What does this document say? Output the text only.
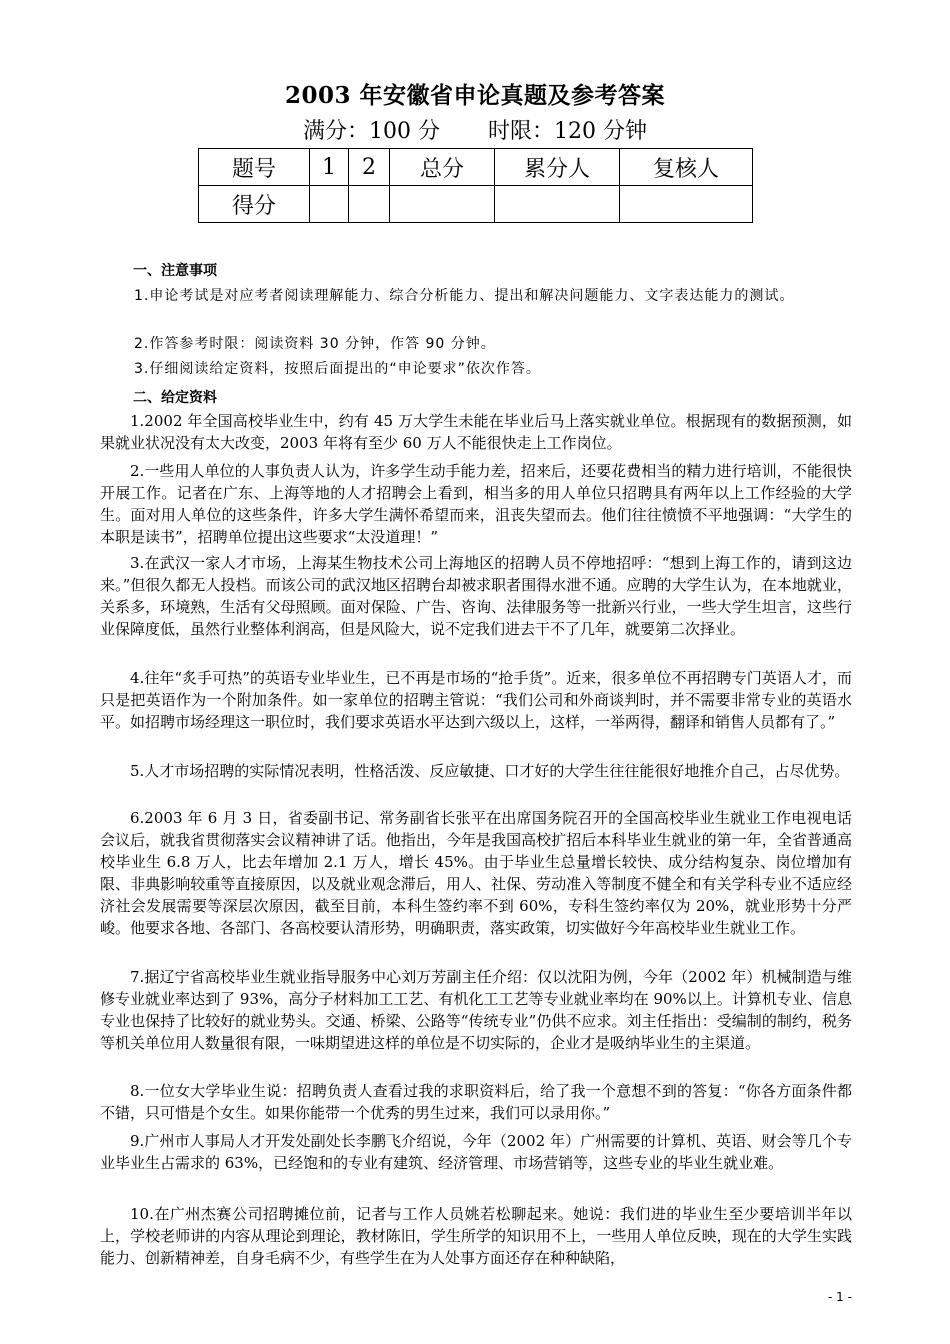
2003 年安徽省申论真题及参考答案
满分：100 分 时限：120 分钟
题号	1	2	总分	累分人	复核人
得分					
一、注意事项
1.申论考试是对应考者阅读理解能力、综合分析能力、提出和解决问题能力、文字表达能力的测试。
2.作答参考时限：阅读资料 30 分钟，作答 90 分钟。
3.仔细阅读给定资料，按照后面提出的“申论要求”依次作答。
二、给定资料
1.2002 年全国高校毕业生中，约有 45 万大学生未能在毕业后马上落实就业单位。根据现有的数据预测，如果就业状况没有太大改变，2003 年将有至少 60 万人不能很快走上工作岗位。
2.一些用人单位的人事负责人认为，许多学生动手能力差，招来后，还要花费相当的精力进行培训，不能很快开展工作。记者在广东、上海等地的人才招聘会上看到，相当多的用人单位只招聘具有两年以上工作经验的大学生。面对用人单位的这些条件，许多大学生满怀希望而来，沮丧失望而去。他们往往愤愤不平地强调：“大学生的本职是读书”，招聘单位提出这些要求“太没道理！”
3.在武汉一家人才市场，上海某生物技术公司上海地区的招聘人员不停地招呼：“想到上海工作的，请到这边来。”但很久都无人投档。而该公司的武汉地区招聘台却被求职者围得水泄不通。应聘的大学生认为，在本地就业，关系多，环境熟，生活有父母照顾。面对保险、广告、咨询、法律服务等一批新兴行业，一些大学生坦言，这些行业保障度低，虽然行业整体利润高，但是风险大，说不定我们进去干不了几年，就要第二次择业。
4.往年“炙手可热”的英语专业毕业生，已不再是市场的“抢手货”。近来，很多单位不再招聘专门英语人才，而只是把英语作为一个附加条件。如一家单位的招聘主管说：“我们公司和外商谈判时，并不需要非常专业的英语水平。如招聘市场经理这一职位时，我们要求英语水平达到六级以上，这样，一举两得，翻译和销售人员都有了。”
5.人才市场招聘的实际情况表明，性格活泼、反应敏捷、口才好的大学生往往能很好地推介自己，占尽优势。
6.2003 年 6 月 3 日，省委副书记、常务副省长张平在出席国务院召开的全国高校毕业生就业工作电视电话会议后，就我省贯彻落实会议精神讲了话。他指出，今年是我国高校扩招后本科毕业生就业的第一年，全省普通高校毕业生 6.8 万人，比去年增加 2.1 万人，增长 45%。由于毕业生总量增长较快、成分结构复杂、岗位增加有限、非典影响较重等直接原因，以及就业观念滞后，用人、社保、劳动准入等制度不健全和有关学科专业不适应经济社会发展需要等深层次原因，截至目前，本科生签约率不到 60%，专科生签约率仅为 20%，就业形势十分严峻。他要求各地、各部门、各高校要认清形势，明确职责，落实政策，切实做好今年高校毕业生就业工作。
7.据辽宁省高校毕业生就业指导服务中心刘万芳副主任介绍：仅以沈阳为例，今年（2002 年）机械制造与维修专业就业率达到了 93%，高分子材料加工工艺、有机化工工艺等专业就业率均在 90%以上。计算机专业、信息专业也保持了比较好的就业势头。交通、桥梁、公路等“传统专业”仍供不应求。刘主任指出：受编制的制约，税务等机关单位用人数量很有限，一味期望进这样的单位是不切实际的，企业才是吸纳毕业生的主渠道。
8.一位女大学毕业生说：招聘负责人查看过我的求职资料后，给了我一个意想不到的答复：“你各方面条件都不错，只可惜是个女生。如果你能带一个优秀的男生过来，我们可以录用你。”
9.广州市人事局人才开发处副处长李鹏飞介绍说，今年（2002 年）广州需要的计算机、英语、财会等几个专业毕业生占需求的 63%，已经饱和的专业有建筑、经济管理、市场营销等，这些专业的毕业生就业难。
10.在广州杰赛公司招聘摊位前，记者与工作人员姚若松聊起来。她说：我们进的毕业生至少要培训半年以上，学校老师讲的内容从理论到理论，教材陈旧，学生所学的知识用不上，一些用人单位反映，现在的大学生实践能力、创新精神差，自身毛病不少，有些学生在为人处事方面还存在种种缺陷，
- 1 -
